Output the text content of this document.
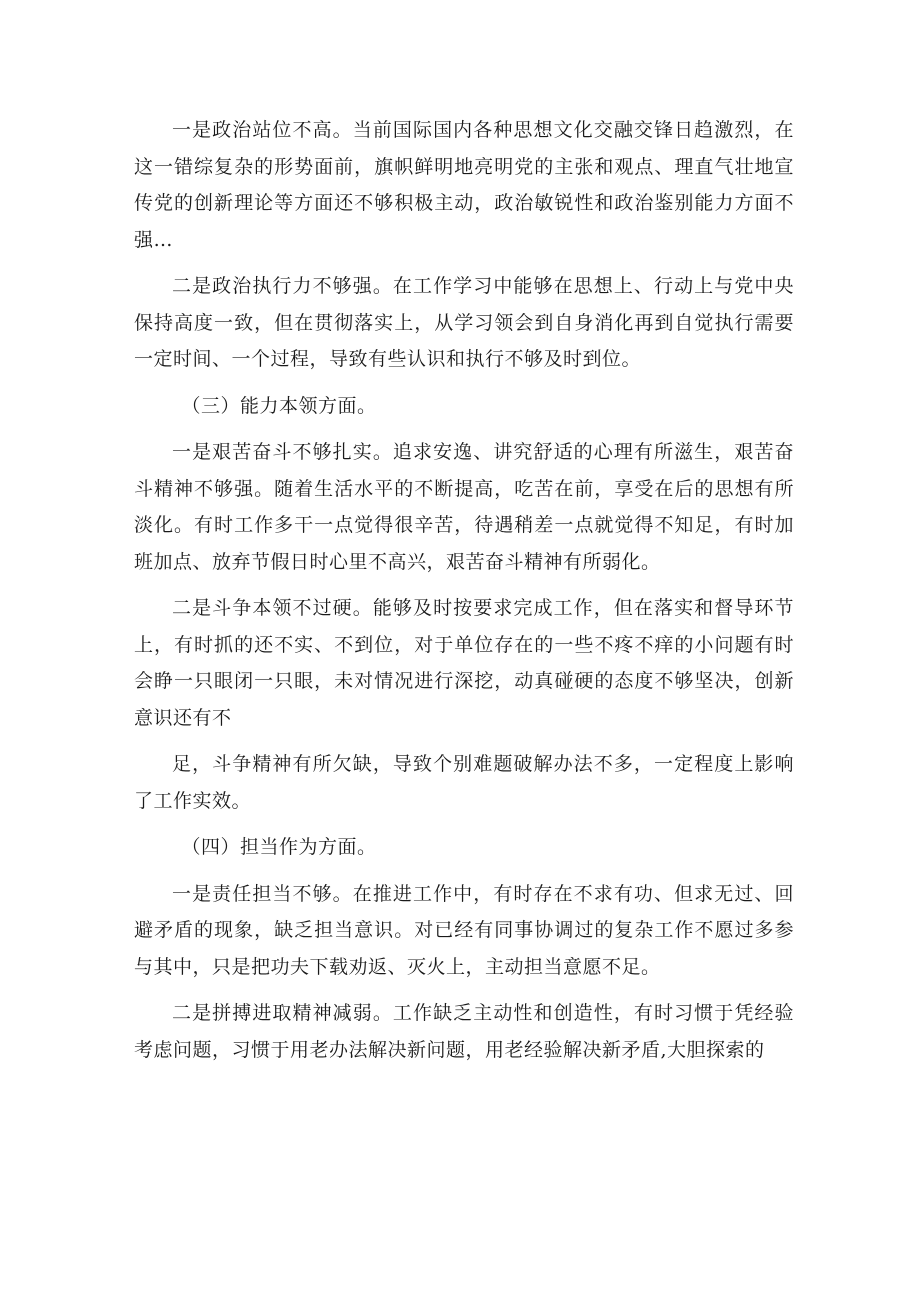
一是政治站位不高。当前国际国内各种思想文化交融交锋日趋激烈，在这一错综复杂的形势面前，旗帜鲜明地亮明党的主张和观点、理直气壮地宣传党的创新理论等方面还不够积极主动，政治敏锐性和政治鉴别能力方面不强…

二是政治执行力不够强。在工作学习中能够在思想上、行动上与党中央保持高度一致，但在贯彻落实上，从学习领会到自身消化再到自觉执行需要一定时间、一个过程，导致有些认识和执行不够及时到位。

（三）能力本领方面。

一是艰苦奋斗不够扎实。追求安逸、讲究舒适的心理有所滋生，艰苦奋斗精神不够强。随着生活水平的不断提高，吃苦在前，享受在后的思想有所淡化。有时工作多干一点觉得很辛苦，待遇稍差一点就觉得不知足，有时加班加点、放弃节假日时心里不高兴，艰苦奋斗精神有所弱化。

二是斗争本领不过硬。能够及时按要求完成工作，但在落实和督导环节上，有时抓的还不实、不到位，对于单位存在的一些不疼不痒的小问题有时会睁一只眼闭一只眼，未对情况进行深挖，动真碰硬的态度不够坚决，创新意识还有不

足，斗争精神有所欠缺，导致个别难题破解办法不多，一定程度上影响了工作实效。

（四）担当作为方面。

一是责任担当不够。在推进工作中，有时存在不求有功、但求无过、回避矛盾的现象，缺乏担当意识。对已经有同事协调过的复杂工作不愿过多参与其中，只是把功夫下载劝返、灭火上，主动担当意愿不足。

二是拼搏进取精神减弱。工作缺乏主动性和创造性，有时习惯于凭经验考虑问题，习惯于用老办法解决新问题，用老经验解决新矛盾,大胆探索的
